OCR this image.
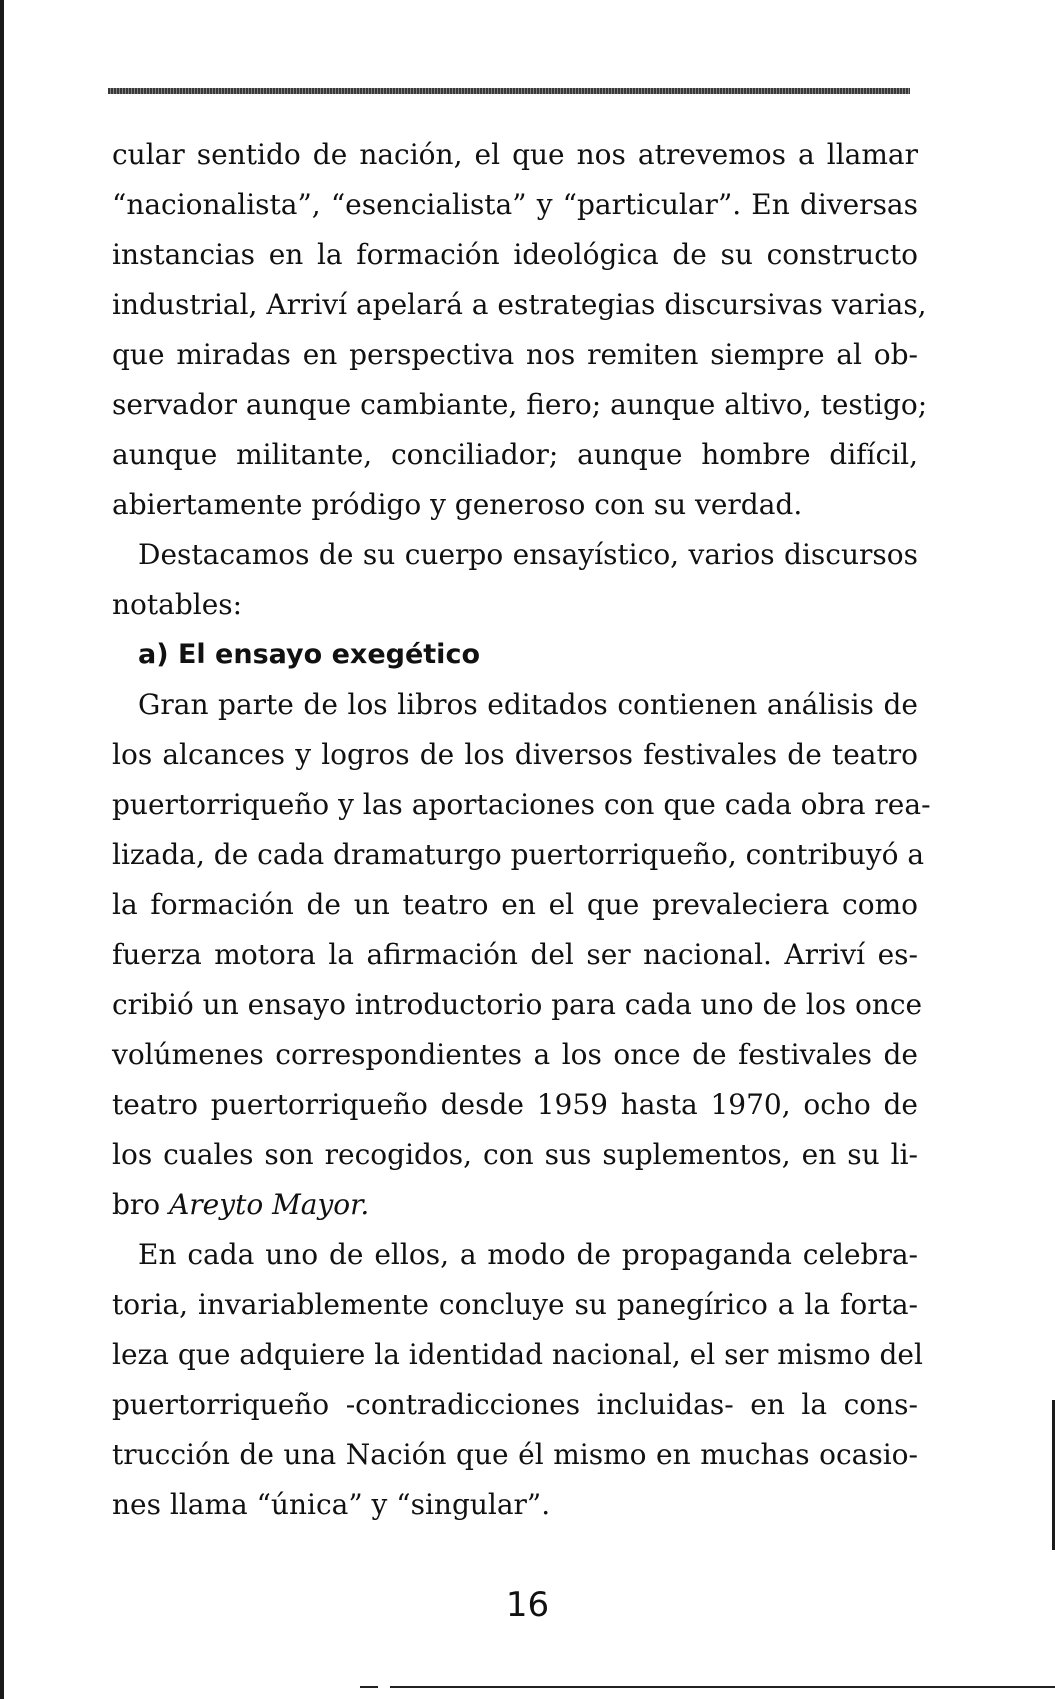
cular sentido de nación, el que nos atrevemos a llamar
“nacionalista”, “esencialista” y “particular”. En diversas
instancias en la formación ideológica de su constructo
industrial, Arriví apelará a estrategias discursivas varias,
que miradas en perspectiva nos remiten siempre al ob-
servador aunque cambiante, fiero; aunque altivo, testigo;
aunque militante, conciliador; aunque hombre difícil,
abiertamente pródigo y generoso con su verdad.
Destacamos de su cuerpo ensayístico, varios discursos
notables:
a) El ensayo exegético
Gran parte de los libros editados contienen análisis de
los alcances y logros de los diversos festivales de teatro
puertorriqueño y las aportaciones con que cada obra rea-
lizada, de cada dramaturgo puertorriqueño, contribuyó a
la formación de un teatro en el que prevaleciera como
fuerza motora la afirmación del ser nacional. Arriví es-
cribió un ensayo introductorio para cada uno de los once
volúmenes correspondientes a los once de festivales de
teatro puertorriqueño desde 1959 hasta 1970, ocho de
los cuales son recogidos, con sus suplementos, en su li-
bro Areyto Mayor.
En cada uno de ellos, a modo de propaganda celebra-
toria, invariablemente concluye su panegírico a la forta-
leza que adquiere la identidad nacional, el ser mismo del
puertorriqueño -contradicciones incluidas- en la cons-
trucción de una Nación que él mismo en muchas ocasio-
nes llama “única” y “singular”.
16
